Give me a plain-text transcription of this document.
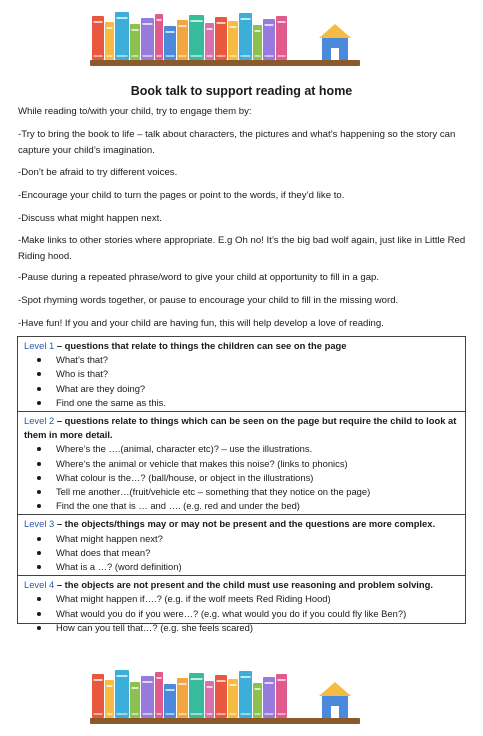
Book talk to support reading at home
While reading to/with your child, try to engage them by:
-Try to bring the book to life – talk about characters, the pictures and what’s happening so the story can capture your child’s imagination.
-Don’t be afraid to try different voices.
-Encourage your child to turn the pages or point to the words, if they’d like to.
-Discuss what might happen next.
-Make links to other stories where appropriate. E.g Oh no! It’s the big bad wolf again, just like in Little Red Riding hood.
-Pause during a repeated phrase/word to give your child at opportunity to fill in a gap.
-Spot rhyming words together, or pause to encourage your child to fill in the missing word.
-Have fun! If you and your child are having fun, this will help develop a love of reading.
Level 1 – questions that relate to things the children can see on the page
What’s that?
Who is that?
What are they doing?
Find one the same as this.
Level 2 – questions relate to things which can be seen on the page but require the child to look at them in more detail.
Where’s the ….(animal, character etc)? – use the illustrations.
Where’s the animal or vehicle that makes this noise? (links to phonics)
What colour is the…? (ball/house, or object in the illustrations)
Tell me another…(fruit/vehicle etc – something that they notice on the page)
Find the one that is … and …. (e.g. red and under the bed)
Level 3 – the objects/things may or may not be present and the questions are more complex.
What might happen next?
What does that mean?
What is a …? (word definition)
Level 4 – the objects are not present and the child must use reasoning and problem solving.
What might happen if….? (e.g. if the wolf meets Red Riding Hood)
What would you do if you were…? (e.g. what would you do if you could fly like Ben?)
How can you tell that…? (e.g. she feels scared)
